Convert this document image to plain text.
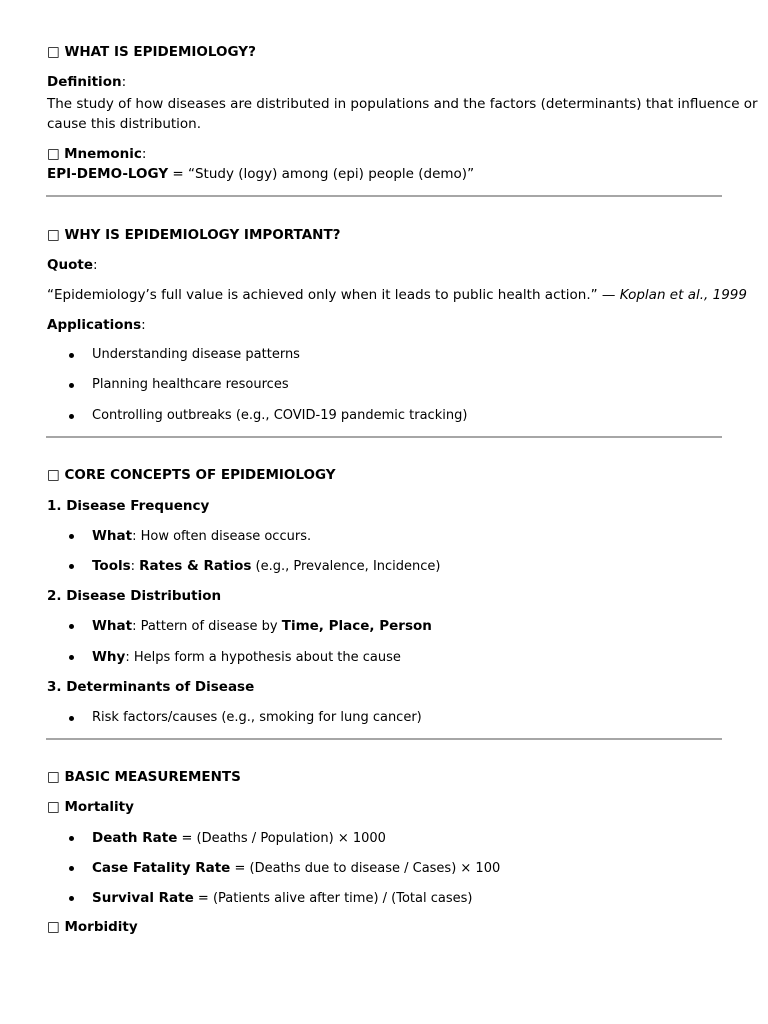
□ WHAT IS EPIDEMIOLOGY?
Definition:
The study of how diseases are distributed in populations and the factors (determinants) that influence or
cause this distribution.
□ Mnemonic:
EPI-DEMO-LOGY = “Study (logy) among (epi) people (demo)”
□ WHY IS EPIDEMIOLOGY IMPORTANT?
Quote:
“Epidemiology’s full value is achieved only when it leads to public health action.” — Koplan et al., 1999
Applications:
Understanding disease patterns
Planning healthcare resources
Controlling outbreaks (e.g., COVID-19 pandemic tracking)
□ CORE CONCEPTS OF EPIDEMIOLOGY
1. Disease Frequency
What: How often disease occurs.
Tools: Rates & Ratios (e.g., Prevalence, Incidence)
2. Disease Distribution
What: Pattern of disease by Time, Place, Person
Why: Helps form a hypothesis about the cause
3. Determinants of Disease
Risk factors/causes (e.g., smoking for lung cancer)
□ BASIC MEASUREMENTS
□ Mortality
Death Rate = (Deaths / Population) × 1000
Case Fatality Rate = (Deaths due to disease / Cases) × 100
Survival Rate = (Patients alive after time) / (Total cases)
□ Morbidity
